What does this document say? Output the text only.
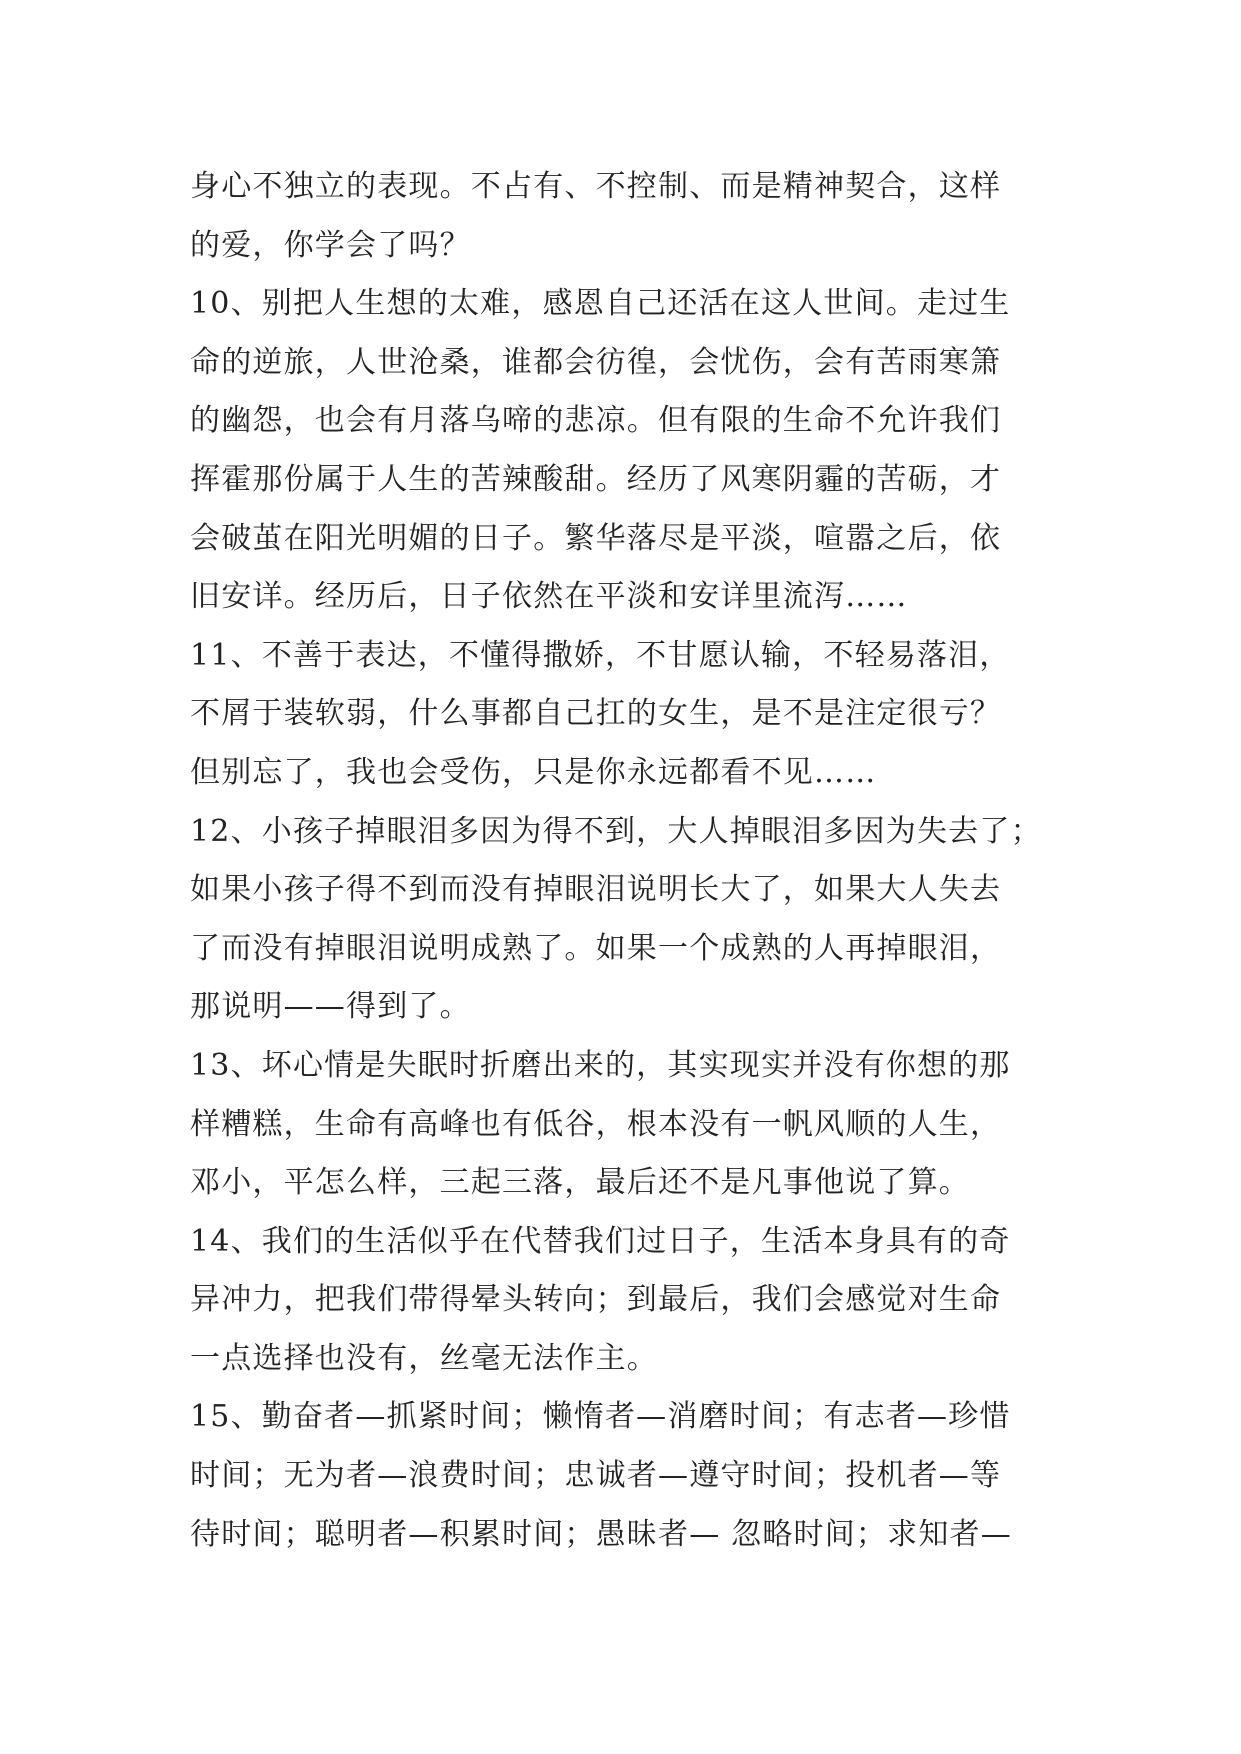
身心不独立的表现。不占有、不控制、而是精神契合，这样
的爱，你学会了吗？
10、别把人生想的太难，感恩自己还活在这人世间。走过生
命的逆旅，人世沧桑，谁都会彷徨，会忧伤，会有苦雨寒箫
的幽怨，也会有月落乌啼的悲凉。但有限的生命不允许我们
挥霍那份属于人生的苦辣酸甜。经历了风寒阴霾的苦砺，才
会破茧在阳光明媚的日子。繁华落尽是平淡，喧嚣之后，依
旧安详。经历后，日子依然在平淡和安详里流泻……
11、不善于表达，不懂得撒娇，不甘愿认输，不轻易落泪，
不屑于装软弱，什么事都自己扛的女生，是不是注定很亏？
但别忘了，我也会受伤，只是你永远都看不见……
12、小孩子掉眼泪多因为得不到，大人掉眼泪多因为失去了；
如果小孩子得不到而没有掉眼泪说明长大了，如果大人失去
了而没有掉眼泪说明成熟了。如果一个成熟的人再掉眼泪，
那说明——得到了。
13、坏心情是失眠时折磨出来的，其实现实并没有你想的那
样糟糕，生命有高峰也有低谷，根本没有一帆风顺的人生，
邓小，平怎么样，三起三落，最后还不是凡事他说了算。
14、我们的生活似乎在代替我们过日子，生活本身具有的奇
异冲力，把我们带得晕头转向；到最后，我们会感觉对生命
一点选择也没有，丝毫无法作主。
15、勤奋者—抓紧时间；懒惰者—消磨时间；有志者—珍惜
时间；无为者—浪费时间；忠诚者—遵守时间；投机者—等
待时间；聪明者—积累时间；愚昧者— 忽略时间；求知者—
